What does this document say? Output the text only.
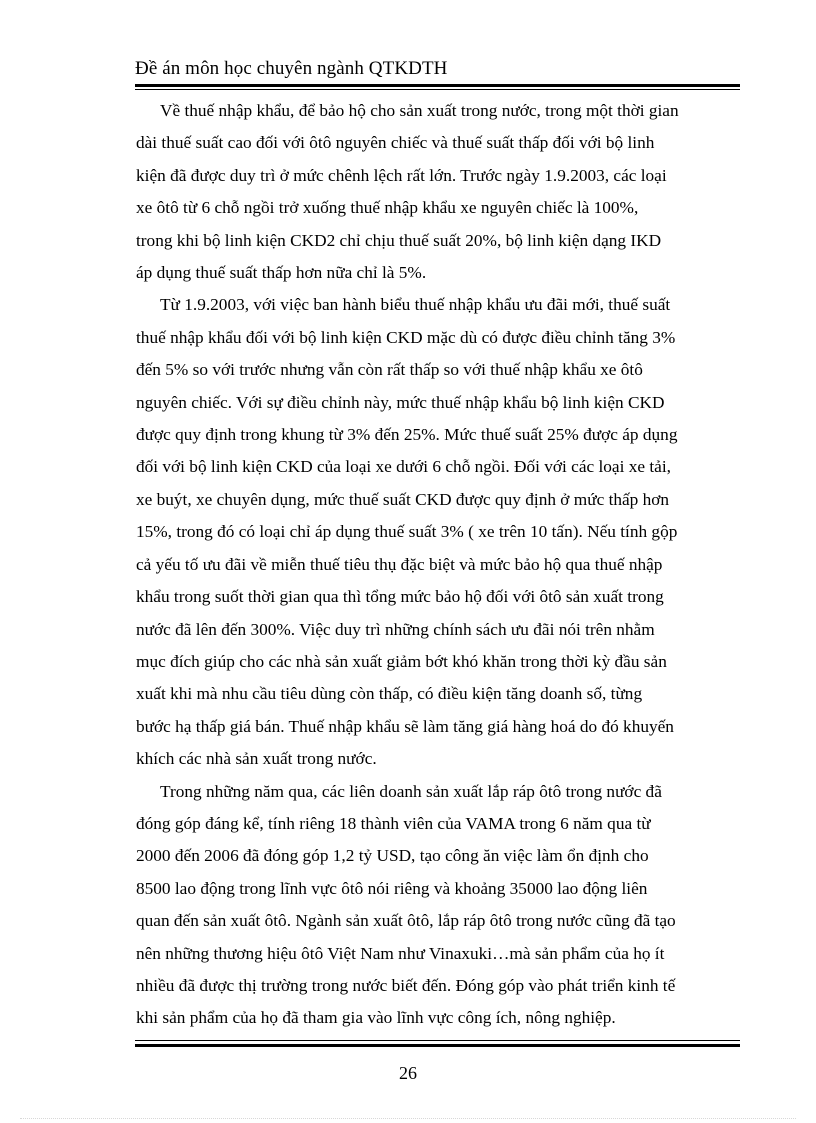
Đề án môn học chuyên ngành QTKDTH

Về thuế nhập khẩu, để bảo hộ cho sản xuất trong nước, trong một thời gian
dài thuế suất cao đối với ôtô nguyên chiếc và thuế suất thấp đối với bộ linh
kiện đã được duy trì ở mức chênh lệch rất lớn. Trước ngày 1.9.2003, các loại
xe ôtô từ 6 chỗ ngồi trở xuống thuế nhập khẩu xe nguyên chiếc là 100%,
trong khi bộ linh kiện CKD2 chỉ chịu thuế suất 20%, bộ linh kiện dạng IKD
áp dụng thuế suất thấp hơn nữa chỉ là 5%.

Từ 1.9.2003, với việc ban hành biểu thuế nhập khẩu ưu đãi mới, thuế suất
thuế nhập khẩu đối với bộ linh kiện CKD mặc dù có được điều chỉnh tăng 3%
đến 5% so với trước nhưng vẫn còn rất thấp so với thuế nhập khẩu xe ôtô
nguyên chiếc. Với sự điều chỉnh này, mức thuế nhập khẩu bộ linh kiện CKD
được quy định trong khung từ 3% đến 25%. Mức thuế suất 25% được áp dụng
đối với bộ linh kiện CKD của loại xe dưới 6 chỗ ngồi. Đối với các loại xe tải,
xe buýt, xe chuyên dụng, mức thuế suất CKD được quy định ở mức thấp hơn
15%, trong đó có loại chỉ áp dụng thuế suất 3% ( xe trên 10 tấn). Nếu tính gộp
cả yếu tố ưu đãi về miễn thuế tiêu thụ đặc biệt và mức bảo hộ qua thuế nhập
khẩu trong suốt thời gian qua thì tổng mức bảo hộ đối với ôtô sản xuất trong
nước đã lên đến 300%. Việc duy trì những chính sách ưu đãi nói trên nhằm
mục đích giúp cho các nhà sản xuất giảm bớt khó khăn trong thời kỳ đầu sản
xuất khi mà nhu cầu tiêu dùng còn thấp, có điều kiện tăng doanh số, từng
bước hạ thấp giá bán. Thuế nhập khẩu sẽ làm tăng giá hàng hoá do đó khuyến
khích các nhà sản xuất trong nước.

Trong những năm qua, các liên doanh sản xuất lắp ráp ôtô trong nước đã
đóng góp đáng kể, tính riêng 18 thành viên của VAMA trong 6 năm qua từ
2000 đến 2006 đã đóng góp 1,2 tỷ USD, tạo công ăn việc làm ổn định cho
8500 lao động trong lĩnh vực ôtô nói riêng và khoảng 35000 lao động liên
quan đến sản xuất ôtô. Ngành sản xuất ôtô, lắp ráp ôtô trong nước cũng đã tạo
nên những thương hiệu ôtô Việt Nam như Vinaxuki…mà sản phẩm của họ ít
nhiều đã được thị trường trong nước biết đến. Đóng góp vào phát triển kinh tế
khi sản phẩm của họ đã tham gia vào lĩnh vực công ích, nông nghiệp.

26
